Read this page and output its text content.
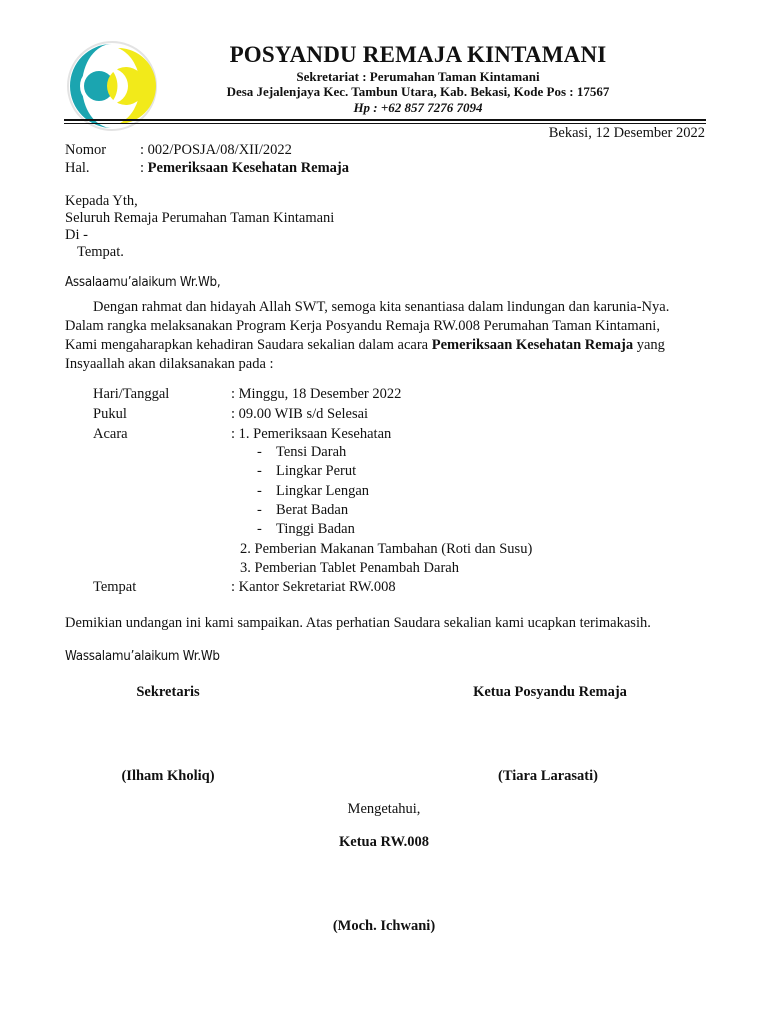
POSYANDU REMAJA KINTAMANI
Sekretariat : Perumahan Taman Kintamani
Desa Jejalenjaya Kec. Tambun Utara, Kab. Bekasi, Kode Pos : 17567
Hp : +62 857 7276 7094
Bekasi, 12 Desember 2022
Nomor : 002/POSJA/08/XII/2022
Hal.	: Pemeriksaan Kesehatan Remaja
Kepada Yth,
Seluruh Remaja Perumahan Taman Kintamani
Di -
Tempat.
Assalaamu’alaikum Wr.Wb,

Dengan rahmat dan hidayah Allah SWT, semoga kita senantiasa dalam lindungan dan karunia-Nya.

Dalam rangka melaksanakan Program Kerja Posyandu Remaja RW.008 Perumahan Taman Kintamani,

Kami mengaharapkan kehadiran Saudara sekalian dalam acara Pemeriksaan Kesehatan Remaja yang

Insyaallah akan dilaksanakan pada :

Hari/Tanggal	: Minggu, 18 Desember 2022
Pukul	: 09.00 WIB s/d Selesai
Acara	: 1. Pemeriksaan Kesehatan
- Tensi Darah
- Lingkar Perut
- Lingkar Lengan
- Berat Badan
- Tinggi Badan
2. Pemberian Makanan Tambahan (Roti dan Susu)
3. Pemberian Tablet Penambah Darah
Tempat	: Kantor Sekretariat RW.008
Demikian undangan ini kami sampaikan. Atas perhatian Saudara sekalian kami ucapkan terimakasih.
Wassalamu’alaikum Wr.Wb
Sekretaris	Ketua Posyandu Remaja
(Ilham Kholiq)	(Tiara Larasati)
Mengetahui,
Ketua RW.008
(Moch. Ichwani)
